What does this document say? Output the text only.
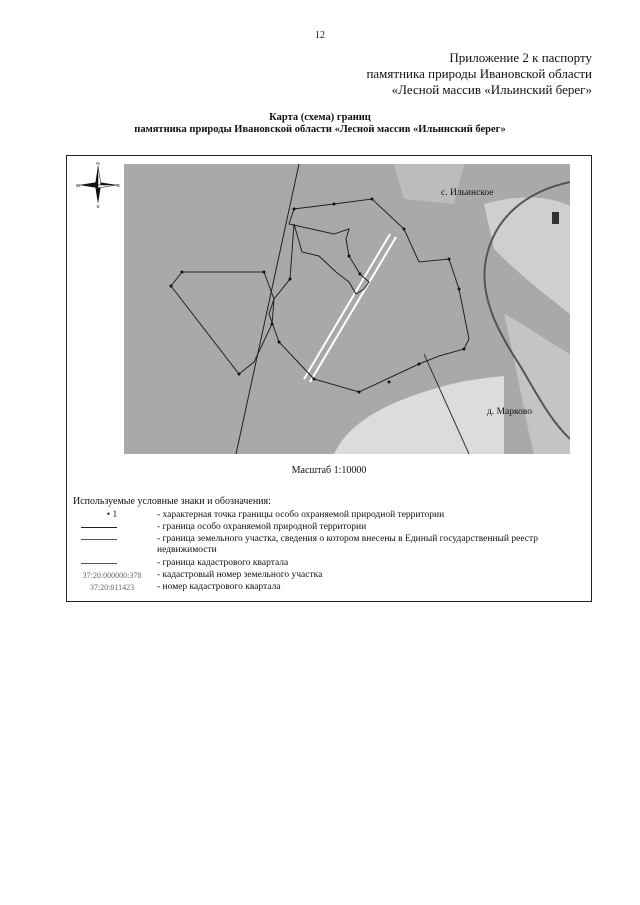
12
Приложение 2 к паспорту
памятника природы Ивановской области
«Лесной массив «Ильинский берег»
Карта (схема) границ
памятника природы Ивановской области «Лесной массив «Ильинский берег»
N
S
W	E
с. Ильинское
д. Марково
Масштаб 1:10000
Используемые условные знаки и обозначения:
• 1	- характерная точка границы особо охраняемой природной территории
- граница особо охраняемой природной территории
- граница земельного участка, сведения о котором внесены в Единый государственный реестр недвижимости
- граница кадастрового квартала
37:20:000000:378	- кадастровый номер земельного участка
37:20:011423	- номер кадастрового квартала
